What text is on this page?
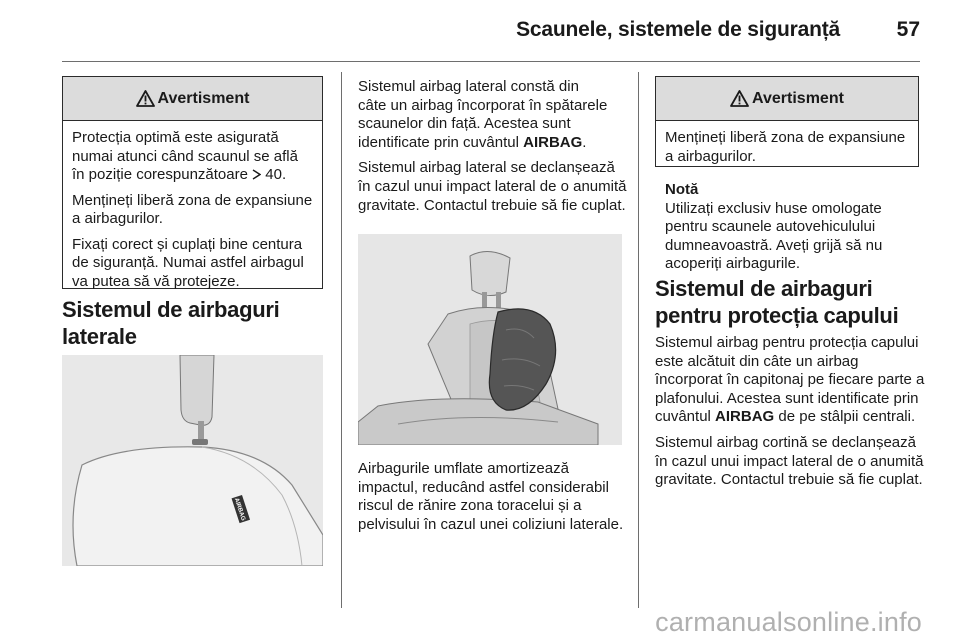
Scaunele, sistemele de siguranță	57
Avertisment

Protecția optimă este asigurată numai atunci când scaunul se află în poziție corespunzătoare 40.

Mențineți liberă zona de expansiune a airbagurilor.

Fixați corect și cuplați bine centura de siguranță. Numai astfel airbagul va putea să vă protejeze.

Sistemul de airbaguri
laterale
AIRBAG

Sistemul airbag lateral constă din
câte un airbag încorporat în spătarele
scaunelor din față. Acestea sunt
identificate prin cuvântul AIRBAG.

Sistemul airbag lateral se declanșează în cazul unui impact lateral de o anumită gravitate. Contactul trebuie să fie cuplat.

Airbagurile umflate amortizează impactul, reducând astfel considerabil riscul de rănire zona toracelui și a pelvisului în cazul unei coliziuni laterale.

Avertisment

Mențineți liberă zona de expansiune a airbagurilor.

Notă

Utilizați exclusiv huse omologate pentru scaunele autovehiculului dumneavoastră. Aveți grijă să nu acoperiți airbagurile.

Sistemul de airbaguri
pentru protecția capului

Sistemul airbag pentru protecția capului este alcătuit din câte un airbag încorporat în capitonaj pe fiecare parte a plafonului. Acestea sunt identificate prin cuvântul AIRBAG de pe stâlpii centrali.

Sistemul airbag cortină se declanșează în cazul unui impact lateral de o anumită gravitate. Contactul trebuie să fie cuplat.

carmanualsonline.info
